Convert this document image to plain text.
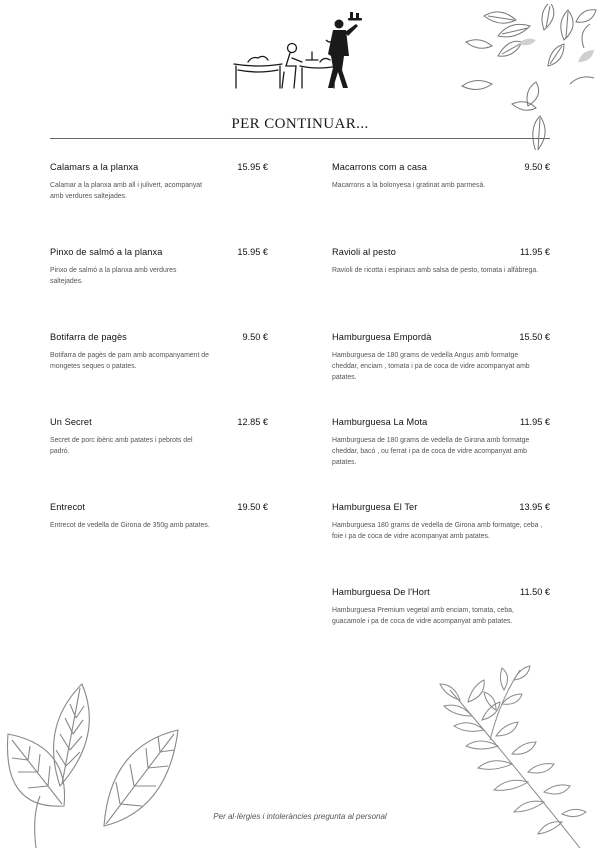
PER CONTINUAR...
Calamars a la planxa	15.95 €
Calamar a la planxa amb all i julivert, acompanyat amb verdures saltejades.
Pinxo de salmó a la planxa	15.95 €
Pinxo de salmó a la planxa amb verdures saltejades.
Botifarra de pagès	9.50 €
Botifarra de pagès de pam amb acompanyament de mongetes seques o patates.
Un Secret	12.85 €
Secret de porc ibèric amb patates i pebrots del padró.
Entrecot	19.50 €
Entrecot de vedella de Girona de 350g amb patates.
Macarrons com a casa	9.50 €
Macarrons a la bolonyesa i gratinat amb parmesà.
Ravioli al pesto	11.95 €
Ravioli de ricotta i espinacs amb salsa de pesto, tomata i alfàbrega.
Hamburguesa Empordà	15.50 €
Hamburguesa de 180 grams de vedella Angus amb formatge cheddar, enciam , tomata i pa de coca de vidre acompanyat amb patates.
Hamburguesa La Mota	11.95 €
Hamburguesa de 180 grams de vedella de Girona amb formatge cheddar, bacó , ou ferrat i pa de coca de vidre acompanyat amb patates.
Hamburguesa El Ter	13.95 €
Hamburguesa 180 grams de vedella de Girona amb formatge, ceba , foie i pa de coca de vidre acompanyat amb patates.
Hamburguesa De l'Hort	11.50 €
Hamburguesa Premium vegetal amb enciam, tomata, ceba, guacamole i pa de coca de vidre acompanyat amb patates.
Per al·lèrgies i intoleràncies pregunta al personal
